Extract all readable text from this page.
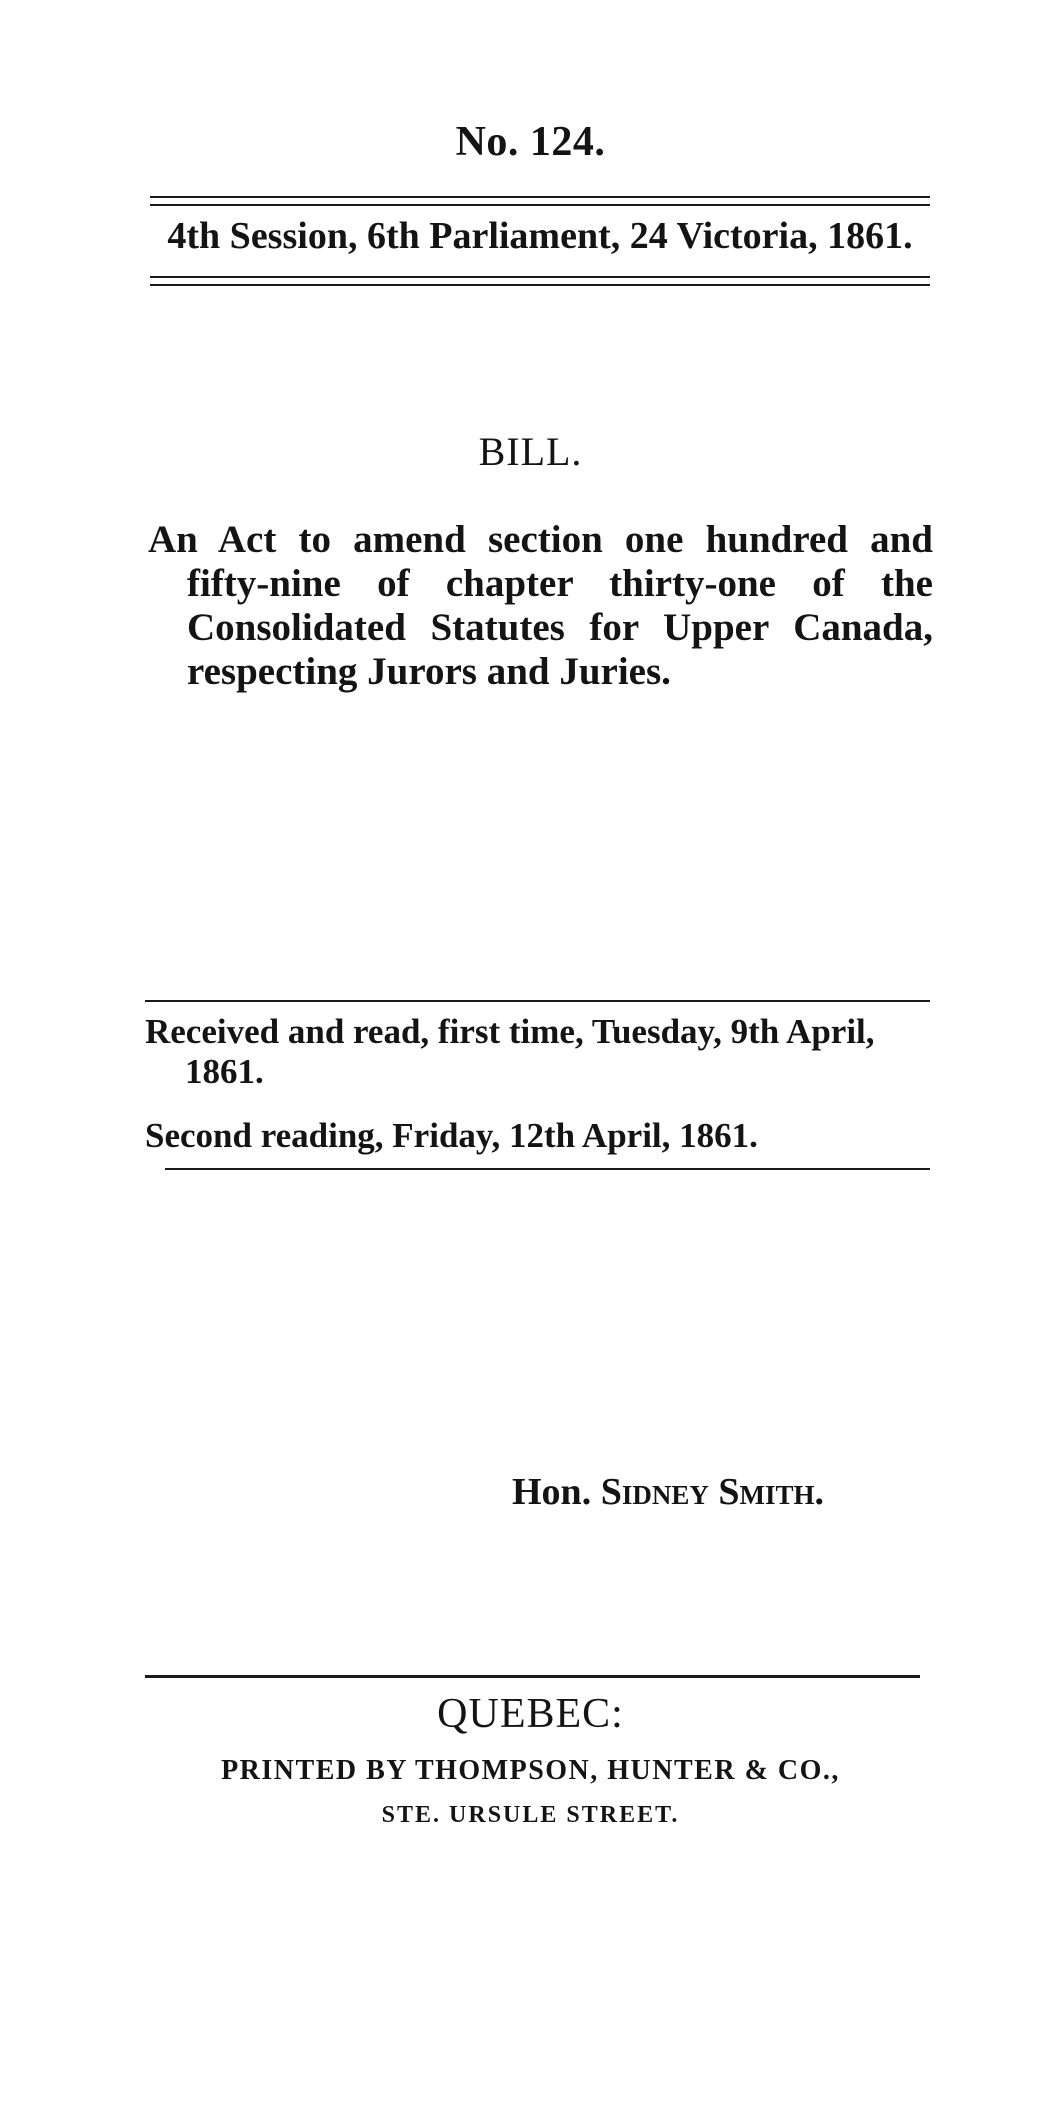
No. 124.
4th Session, 6th Parliament, 24 Victoria, 1861.
BILL.
An Act to amend section one hundred and fifty-nine of chapter thirty-one of the Consolidated Statutes for Upper Canada, respecting Jurors and Juries.
Received and read, first time, Tuesday, 9th April, 1861.
Second reading, Friday, 12th April, 1861.
Hon. Sidney Smith.
QUEBEC:
PRINTED BY THOMPSON, HUNTER & CO.,
STE. URSULE STREET.
